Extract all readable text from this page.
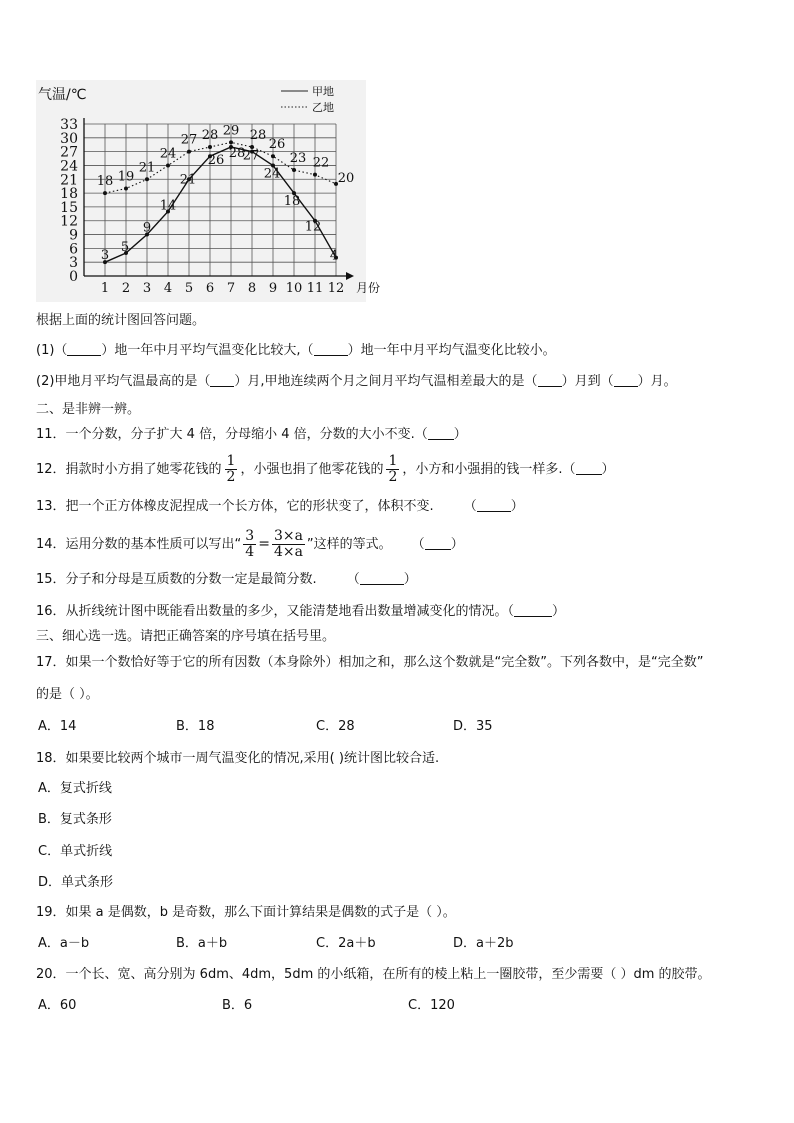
0
3
6
9
12
15
18
21
24
27
30
33
1 2 3 4 5 6 7 8 9 10 11 12
气温/℃
月份
甲地
乙地
3
5
9
14
21
26 28
27
24
18
12
4
18 19
21
24
27 28 29 28
26
23 22
20
根据上面的统计图回答问题。
(1)（	）地一年中月平均气温变化比较大,（	）地一年中月平均气温变化比较小。
(2)甲地月平均气温最高的是（ ）月,甲地连续两个月之间月平均气温相差最大的是（ ）月到（ ）月。
二、是非辨一辨。
11．一个分数，分子扩大 4 倍，分母缩小 4 倍，分数的大小不变.（ ）
12．捐款时小方捐了她零花钱的 $\frac{1}{2}$ ，小强也捐了他零花钱的 $\frac{1}{2}$ ，小方和小强捐的钱一样多.（ ）
13．把一个正方体橡皮泥捏成一个长方体，它的形状变了，体积不变. （	）
14．运用分数的基本性质可以写出“ $\frac{3}{4} = \frac{3\times a}{4\times a}$ ”这样的等式。 （ ）
15．分子和分母是互质数的分数一定是最简分数. （	）
16．从折线统计图中既能看出数量的多少，又能清楚地看出数量增减变化的情况。（	）
三、细心选一选。请把正确答案的序号填在括号里。
17．如果一个数恰好等于它的所有因数（本身除外）相加之和，那么这个数就是“完全数”。下列各数中，是“完全数”
的是（ ）。
A．14	B．18	C．28	D．35
18．如果要比较两个城市一周气温变化的情况,采用( )统计图比较合适.
A．复式折线
B．复式条形
C．单式折线
D．单式条形
19．如果 a 是偶数，b 是奇数，那么下面计算结果是偶数的式子是（ ）。
A．a－b	B．a＋b	C．2a＋b	D．a＋2b
20．一个长、宽、高分别为 6dm、4dm，5dm 的小纸箱，在所有的棱上粘上一圈胶带，至少需要（ ）dm 的胶带。
A．60	B．6	C．120
